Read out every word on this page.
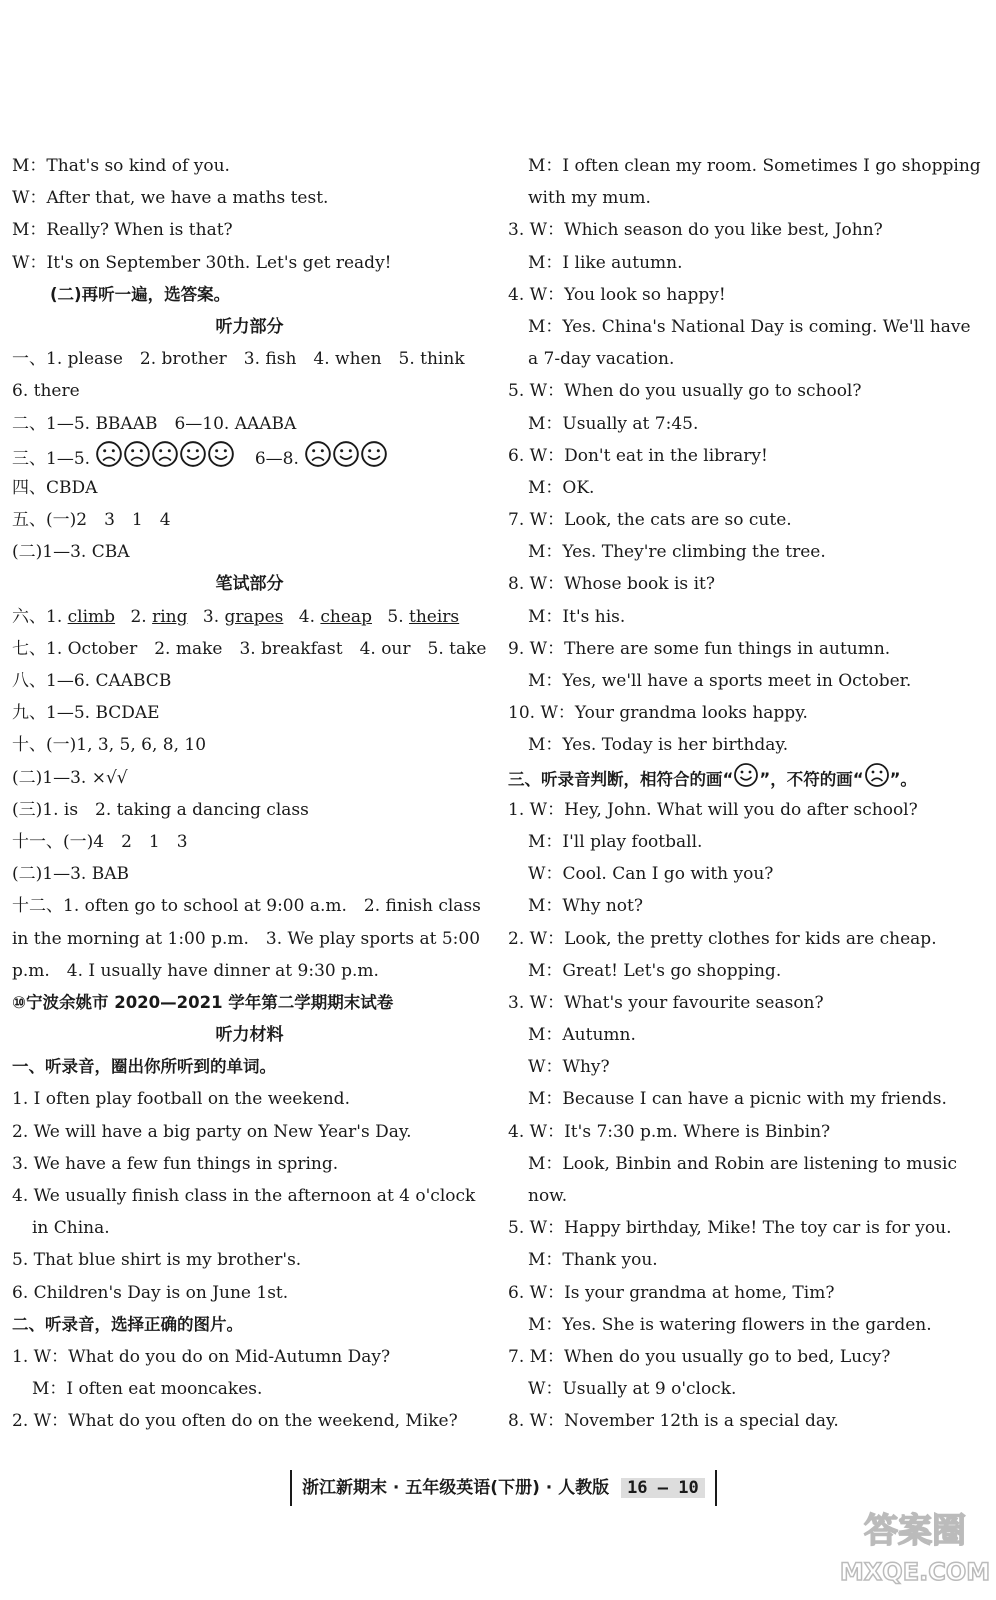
M：That's so kind of you.
W：After that, we have a maths test.
M：Really? When is that?
W：It's on September 30th. Let's get ready!
(二)再听一遍，选答案。
听力部分
一、1. please　2. brother　3. fish　4. when　5. think
6. there
二、1—5. BBAAB　6—10. AAABA
三、1—5.	6—8.
四、CBDA
五、(一)2　3　1　4
(二)1—3. CBA
笔试部分
六、1. climb 2. ring 3. grapes 4. cheap 5. theirs
七、1. October　2. make　3. breakfast　4. our　5. take
八、1—6. CAABCB
九、1—5. BCDAE
十、(一)1, 3, 5, 6, 8, 10
(二)1—3. ×√√
(三)1. is　2. taking a dancing class
十一、(一)4　2　1　3
(二)1—3. BAB
十二、1. often go to school at 9:00 a.m.　2. finish class
in the morning at 1:00 p.m.　3. We play sports at 5:00
p.m.　4. I usually have dinner at 9:30 p.m.
⑩宁波余姚市 2020—2021 学年第二学期期末试卷
听力材料
一、听录音，圈出你所听到的单词。
1. I often play football on the weekend.
2. We will have a big party on New Year's Day.
3. We have a few fun things in spring.
4. We usually finish class in the afternoon at 4 o'clock
in China.
5. That blue shirt is my brother's.
6. Children's Day is on June 1st.
二、听录音，选择正确的图片。
1. W：What do you do on Mid-Autumn Day?
M：I often eat mooncakes.
2. W：What do you often do on the weekend, Mike?
M：I often clean my room. Sometimes I go shopping
with my mum.
3. W：Which season do you like best, John?
M：I like autumn.
4. W：You look so happy!
M：Yes. China's National Day is coming. We'll have
a 7-day vacation.
5. W：When do you usually go to school?
M：Usually at 7:45.
6. W：Don't eat in the library!
M：OK.
7. W：Look, the cats are so cute.
M：Yes. They're climbing the tree.
8. W：Whose book is it?
M：It's his.
9. W：There are some fun things in autumn.
M：Yes, we'll have a sports meet in October.
10. W：Your grandma looks happy.
M：Yes. Today is her birthday.
三、听录音判断，相符合的画“ ”，不符的画“ ”。
1. W：Hey, John. What will you do after school?
M：I'll play football.
W：Cool. Can I go with you?
M：Why not?
2. W：Look, the pretty clothes for kids are cheap.
M：Great! Let's go shopping.
3. W：What's your favourite season?
M：Autumn.
W：Why?
M：Because I can have a picnic with my friends.
4. W：It's 7:30 p.m. Where is Binbin?
M：Look, Binbin and Robin are listening to music
now.
5. W：Happy birthday, Mike! The toy car is for you.
M：Thank you.
6. W：Is your grandma at home, Tim?
M：Yes. She is watering flowers in the garden.
7. M：When do you usually go to bed, Lucy?
W：Usually at 9 o'clock.
8. W：November 12th is a special day.
浙江新期末 · 五年级英语(下册) · 人教版 16 — 10
答案圈
MXQE.COM
